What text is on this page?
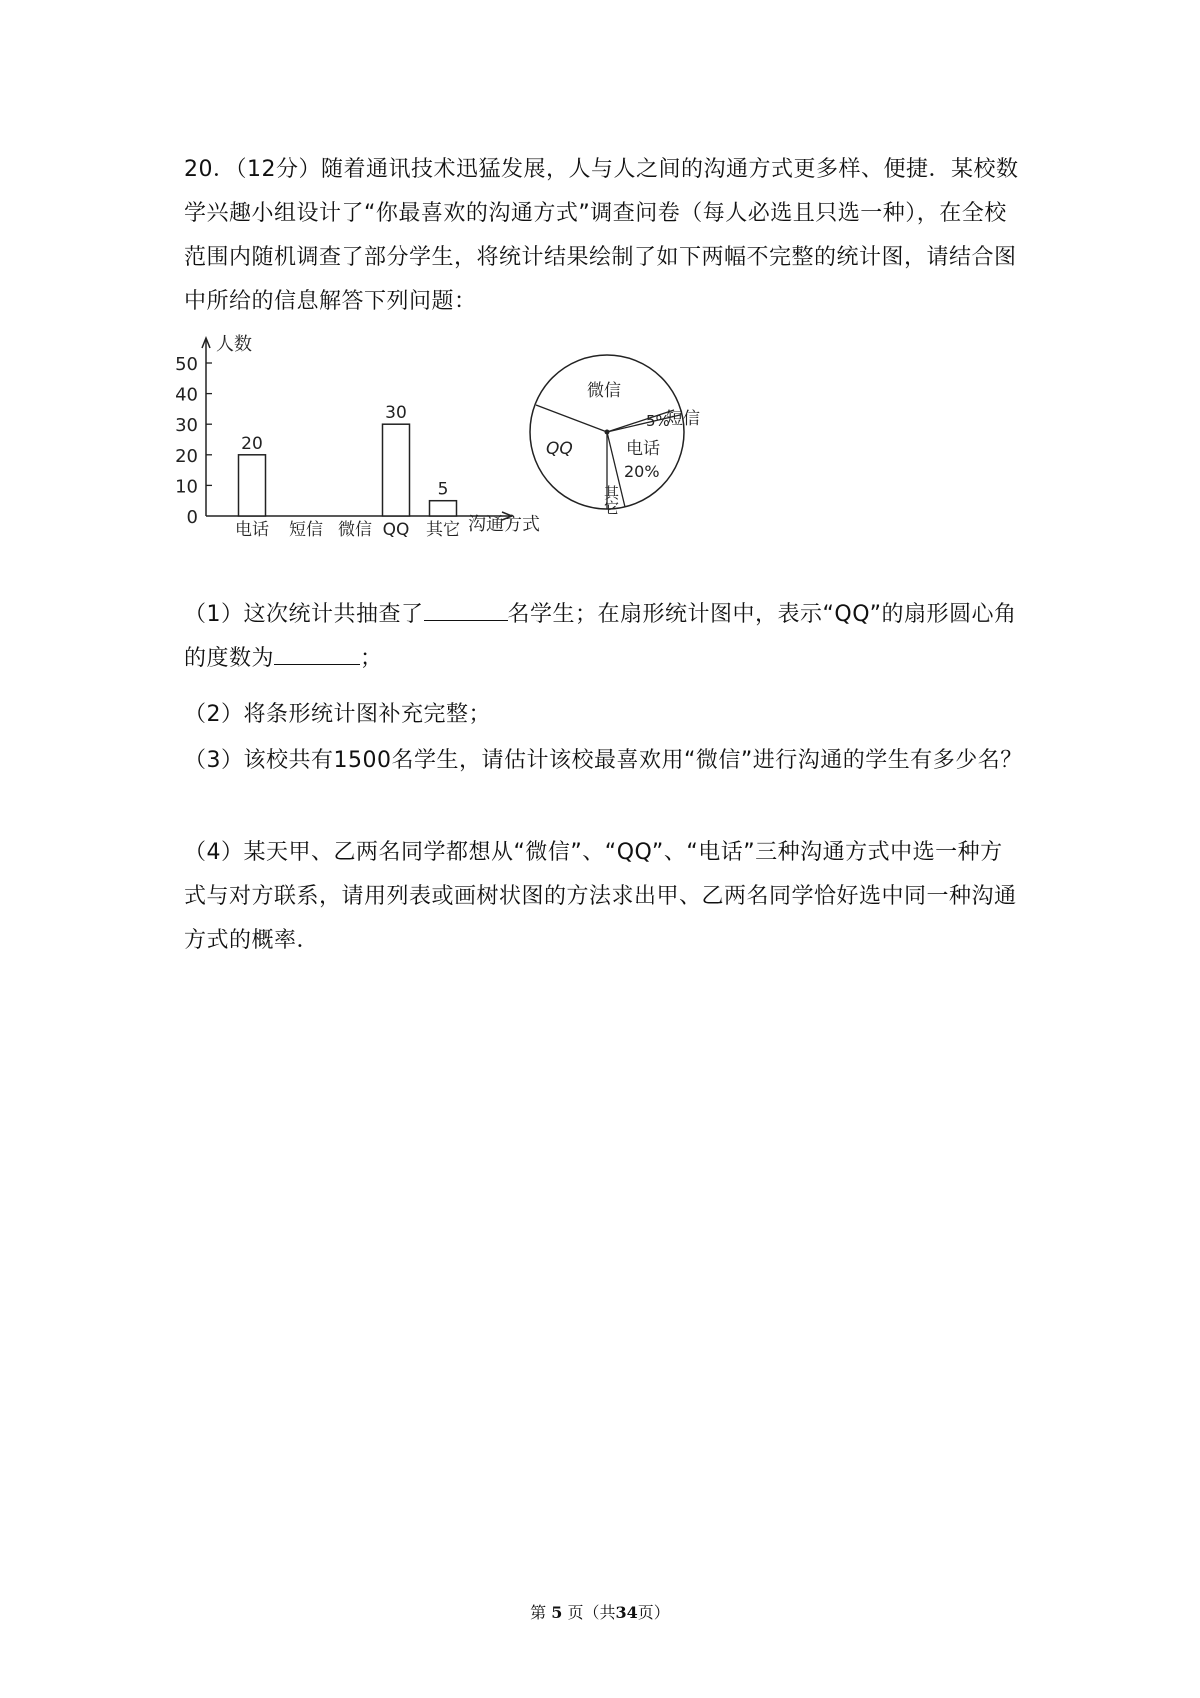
20．（12分）随着通讯技术迅猛发展，人与人之间的沟通方式更多样、便捷．某校数学兴趣小组设计了“你最喜欢的沟通方式”调查问卷（每人必选且只选一种），在全校范围内随机调查了部分学生，将统计结果绘制了如下两幅不完整的统计图，请结合图中所给的信息解答下列问题：
人数
沟通方式
0
10
20
30
40
50
电话
20
短信 微信 QQ
30
其它
5
微信
5%
短信
电话
20%
QQ
其它
（1）这次统计共抽查了	名学生；在扇形统计图中，表示“QQ”的扇形圆心角的度数为	；
（2）将条形统计图补充完整；
（3）该校共有1500名学生，请估计该校最喜欢用“微信”进行沟通的学生有多少名？
（4）某天甲、乙两名同学都想从“微信”、“QQ”、“电话”三种沟通方式中选一种方式与对方联系，请用列表或画树状图的方法求出甲、乙两名同学恰好选中同一种沟通方式的概率．
第 5 页（共34页）
